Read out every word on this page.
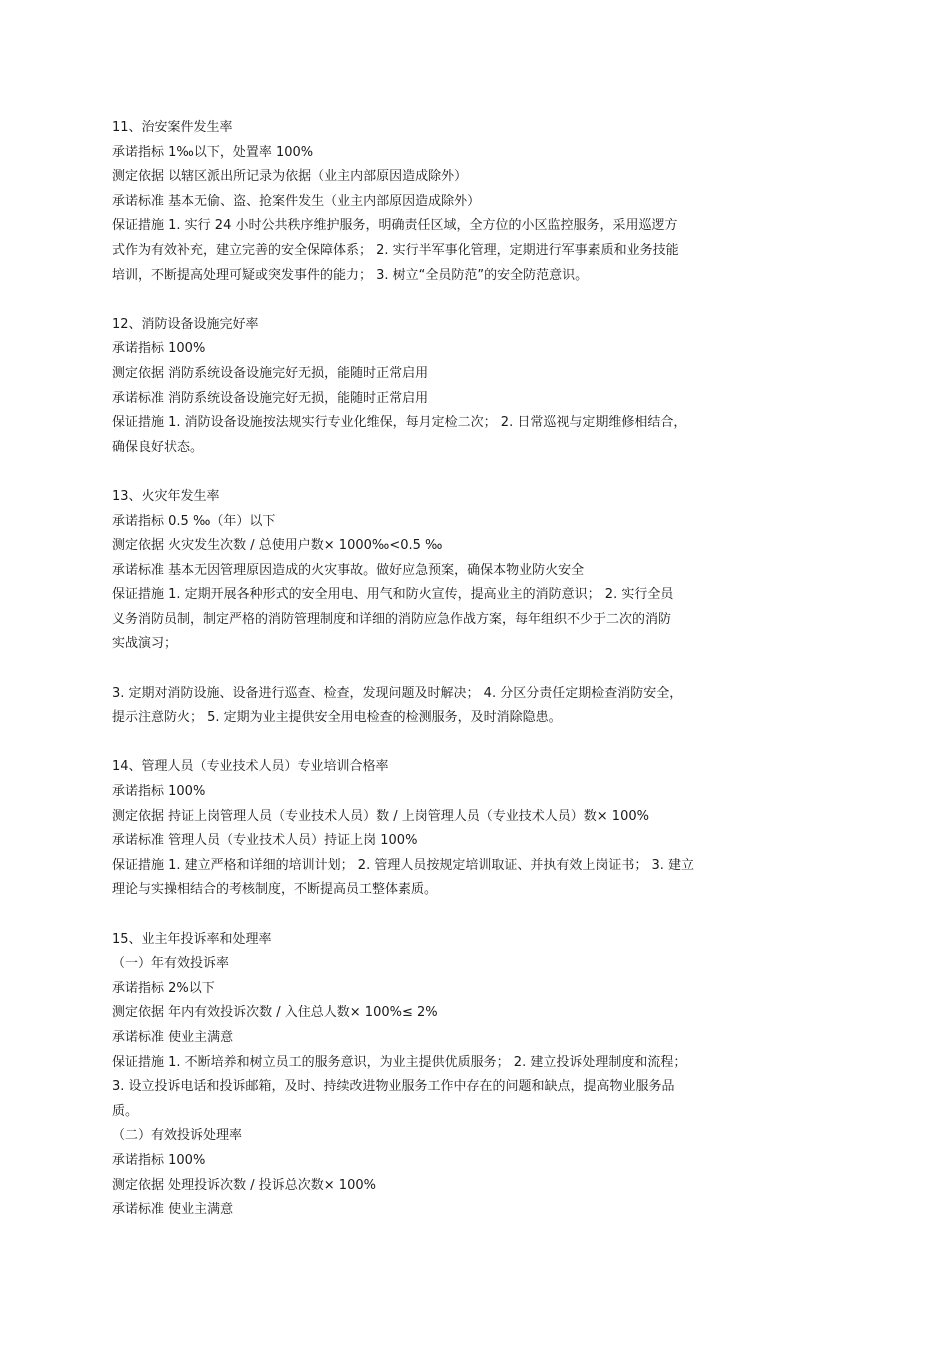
11、治安案件发生率
承诺指标 1‰以下，处置率 100%
测定依据 以辖区派出所记录为依据（业主内部原因造成除外）
承诺标准 基本无偷、盗、抢案件发生（业主内部原因造成除外）
保证措施 1. 实行 24 小时公共秩序维护服务，明确责任区域，全方位的小区监控服务，采用巡逻方
式作为有效补充，建立完善的安全保障体系； 2. 实行半军事化管理，定期进行军事素质和业务技能
培训，不断提高处理可疑或突发事件的能力； 3. 树立“全员防范”的安全防范意识。
12、消防设备设施完好率
承诺指标 100%
测定依据 消防系统设备设施完好无损，能随时正常启用
承诺标准 消防系统设备设施完好无损，能随时正常启用
保证措施 1. 消防设备设施按法规实行专业化维保，每月定检二次； 2. 日常巡视与定期维修相结合，
确保良好状态。
13、火灾年发生率
承诺指标 0.5 ‰（年）以下
测定依据 火灾发生次数 / 总使用户数× 1000‰<0.5 ‰
承诺标准 基本无因管理原因造成的火灾事故。做好应急预案，确保本物业防火安全
保证措施 1. 定期开展各种形式的安全用电、用气和防火宣传，提高业主的消防意识； 2. 实行全员
义务消防员制，制定严格的消防管理制度和详细的消防应急作战方案，每年组织不少于二次的消防
实战演习；
3. 定期对消防设施、设备进行巡查、检查，发现问题及时解决； 4. 分区分责任定期检查消防安全，
提示注意防火； 5. 定期为业主提供安全用电检查的检测服务，及时消除隐患。
14、管理人员（专业技术人员）专业培训合格率
承诺指标 100%
测定依据 持证上岗管理人员（专业技术人员）数 / 上岗管理人员（专业技术人员）数× 100%
承诺标准 管理人员（专业技术人员）持证上岗 100%
保证措施 1. 建立严格和详细的培训计划； 2. 管理人员按规定培训取证、并执有效上岗证书； 3. 建立
理论与实操相结合的考核制度，不断提高员工整体素质。
15、业主年投诉率和处理率
（一）年有效投诉率
承诺指标 2%以下
测定依据 年内有效投诉次数 / 入住总人数× 100%≤ 2%
承诺标准 使业主满意
保证措施 1. 不断培养和树立员工的服务意识，为业主提供优质服务； 2. 建立投诉处理制度和流程；
3. 设立投诉电话和投诉邮箱，及时、持续改进物业服务工作中存在的问题和缺点，提高物业服务品
质。
（二）有效投诉处理率
承诺指标 100%
测定依据 处理投诉次数 / 投诉总次数× 100%
承诺标准 使业主满意
